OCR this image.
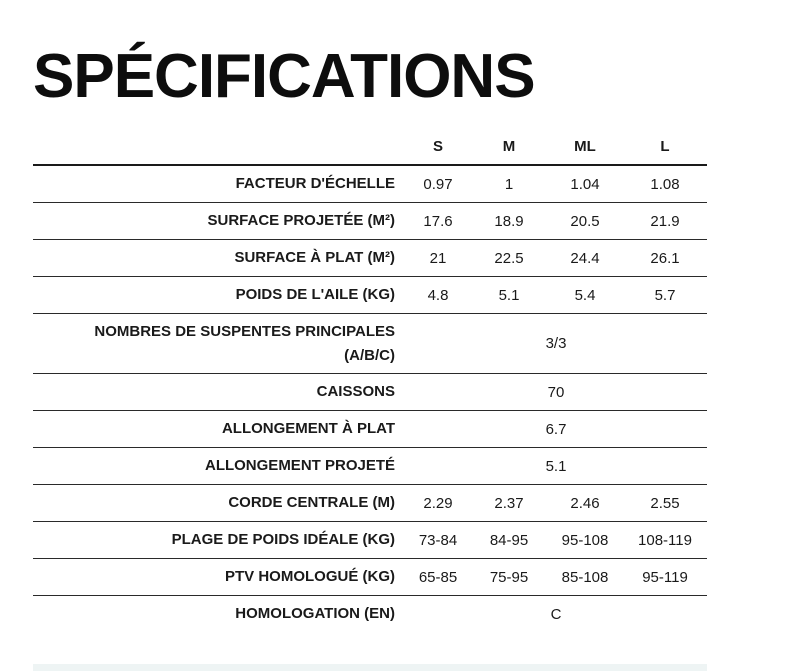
SPÉCIFICATIONS
	S	M	ML	L
FACTEUR D'ÉCHELLE	0.97	1	1.04	1.08
SURFACE PROJETÉE (M²)	17.6	18.9	20.5	21.9
SURFACE À PLAT (M²)	21	22.5	24.4	26.1
POIDS DE L'AILE (KG)	4.8	5.1	5.4	5.7
NOMBRES DE SUSPENTES PRINCIPALES
(A/B/C)	3/3			
CAISSONS	70			
ALLONGEMENT À PLAT	6.7			
ALLONGEMENT PROJETÉ	5.1			
CORDE CENTRALE (M)	2.29	2.37	2.46	2.55
PLAGE DE POIDS IDÉALE (KG)	73-84	84-95	95-108	108-119
PTV HOMOLOGUÉ (KG)	65-85	75-95	85-108	95-119
HOMOLOGATION (EN)	C			
